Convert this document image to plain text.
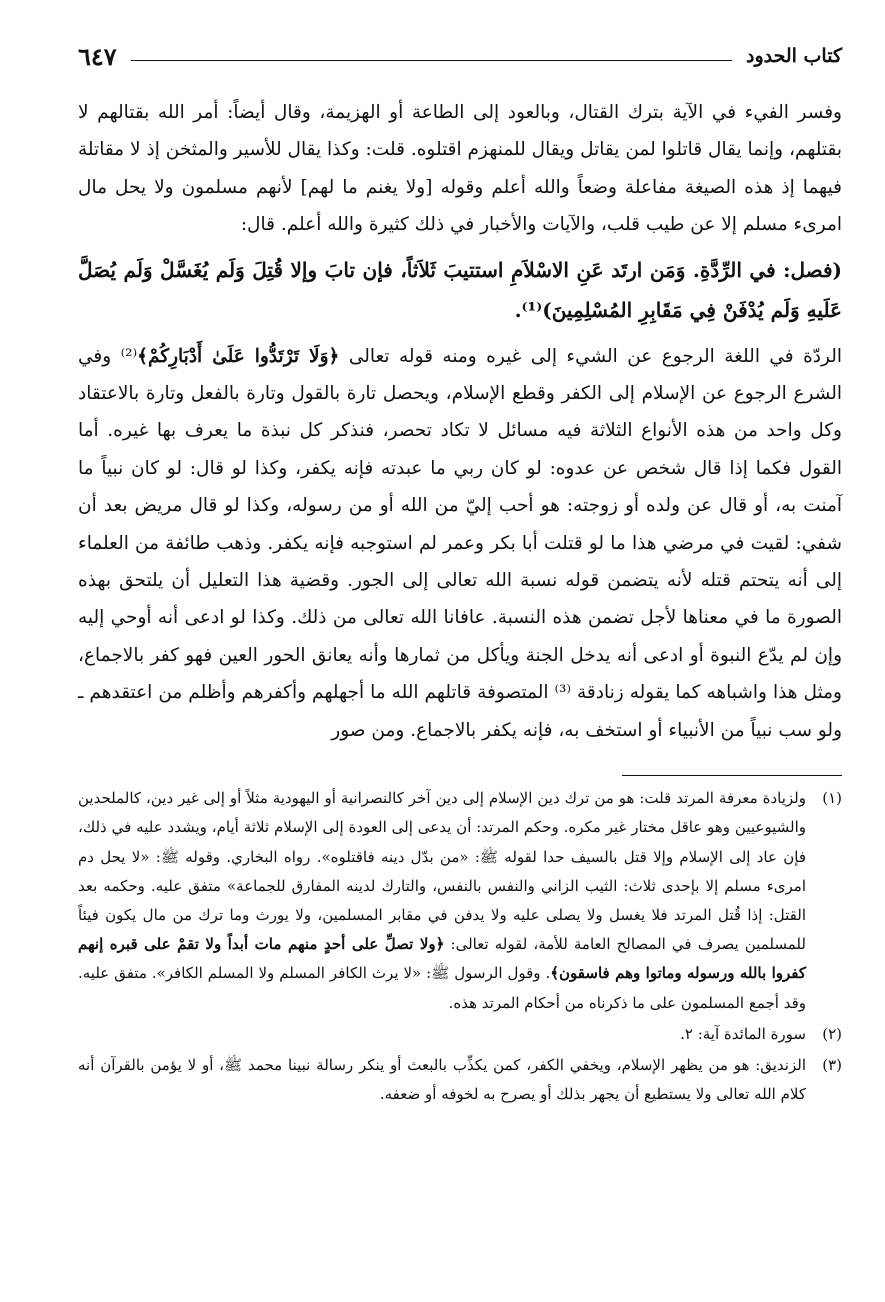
كتاب الحدود
٦٤٧

وفسر الفيء في الآية بترك القتال، وبالعود إلى الطاعة أو الهزيمة، وقال أيضاً: أمر الله بقتالهم لا بقتلهم، وإنما يقال قاتلوا لمن يقاتل ويقال للمنهزم اقتلوه. قلت: وكذا يقال للأسير والمثخن إذ لا مقاتلة فيهما إذ هذه الصيغة مفاعلة وضعاً والله أعلم وقوله [ولا يغنم ما لهم] لأنهم مسلمون ولا يحل مال امرىء مسلم إلا عن طيب قلب، والآيات والأخبار في ذلك كثيرة والله أعلم. قال:

(فصل: في الرِّدَّةِ. وَمَن ارتَد عَنِ الاسْلاَمِ استتيبَ ثَلاَثاً، فإن تابَ وإلا قُتِلَ وَلَم يُغَسَّلْ وَلَم يُصَلَّ عَلَيهِ وَلَم يُدْفَنْ فِي مَقَابِرِ المُسْلِمِينَ)⁽¹⁾.

الردّة في اللغة الرجوع عن الشيء إلى غيره ومنه قوله تعالى ﴿وَلَا تَرْتَدُّوا عَلَىٰ أَدْبَارِكُمْ﴾⁽²⁾ وفي الشرع الرجوع عن الإسلام إلى الكفر وقطع الإسلام، ويحصل تارة بالقول وتارة بالفعل وتارة بالاعتقاد وكل واحد من هذه الأنواع الثلاثة فيه مسائل لا تكاد تحصر، فنذكر كل نبذة ما يعرف بها غيره. أما القول فكما إذا قال شخص عن عدوه: لو كان ربي ما عبدته فإنه يكفر، وكذا لو قال: لو كان نبياً ما آمنت به، أو قال عن ولده أو زوجته: هو أحب إليّ من الله أو من رسوله، وكذا لو قال مريض بعد أن شفي: لقيت في مرضي هذا ما لو قتلت أبا بكر وعمر لم استوجبه فإنه يكفر. وذهب طائفة من العلماء إلى أنه يتحتم قتله لأنه يتضمن قوله نسبة الله تعالى إلى الجور. وقضية هذا التعليل أن يلتحق بهذه الصورة ما في معناها لأجل تضمن هذه النسبة. عافانا الله تعالى من ذلك. وكذا لو ادعى أنه أوحي إليه وإن لم يدّع النبوة أو ادعى أنه يدخل الجنة ويأكل من ثمارها وأنه يعانق الحور العين فهو كفر بالاجماع، ومثل هذا واشباهه كما يقوله زنادقة ⁽³⁾ المتصوفة قاتلهم الله ما أجهلهم وأكفرهم وأظلم من اعتقدهم ـ ولو سب نبياً من الأنبياء أو استخف به، فإنه يكفر بالاجماع. ومن صور

(١)
ولزيادة معرفة المرتد قلت: هو من ترك دين الإسلام إلى دين آخر كالنصرانية أو اليهودية مثلاً أو إلى غير دين، كالملحدين والشيوعيين وهو عاقل مختار غير مكره. وحكم المرتد: أن يدعى إلى العودة إلى الإسلام ثلاثة أيام، ويشدد عليه في ذلك، فإن عاد إلى الإسلام وإلا قتل بالسيف حدا لقوله ﷺ: «من بدّل دينه فاقتلوه». رواه البخاري. وقوله ﷺ: «لا يحل دم امرىء مسلم إلا بإحدى ثلاث: الثيب الزاني والنفس بالنفس، والتارك لدينه المفارق للجماعة» متفق عليه. وحكمه بعد القتل: إذا قُتل المرتد فلا يغسل ولا يصلى عليه ولا يدفن في مقابر المسلمين، ولا يورث وما ترك من مال يكون فيئاً للمسلمين يصرف في المصالح العامة للأمة، لقوله تعالى: ﴿ولا تصلِّ على أحدٍ منهم مات أبداً ولا تقمْ على قبره إنهم كفروا بالله ورسوله وماتوا وهم فاسقون﴾. وقول الرسول ﷺ: «لا يرث الكافر المسلم ولا المسلم الكافر». متفق عليه. وقد أجمع المسلمون على ما ذكرناه من أحكام المرتد هذه.
(٢)
سورة المائدة آية: ٢.
(٣)
الزنديق: هو من يظهر الإسلام، ويخفي الكفر، كمن يكذِّب بالبعث أو ينكر رسالة نبينا محمد ﷺ، أو لا يؤمن بالقرآن أنه كلام الله تعالى ولا يستطيع أن يجهر بذلك أو يصرح به لخوفه أو ضعفه.
